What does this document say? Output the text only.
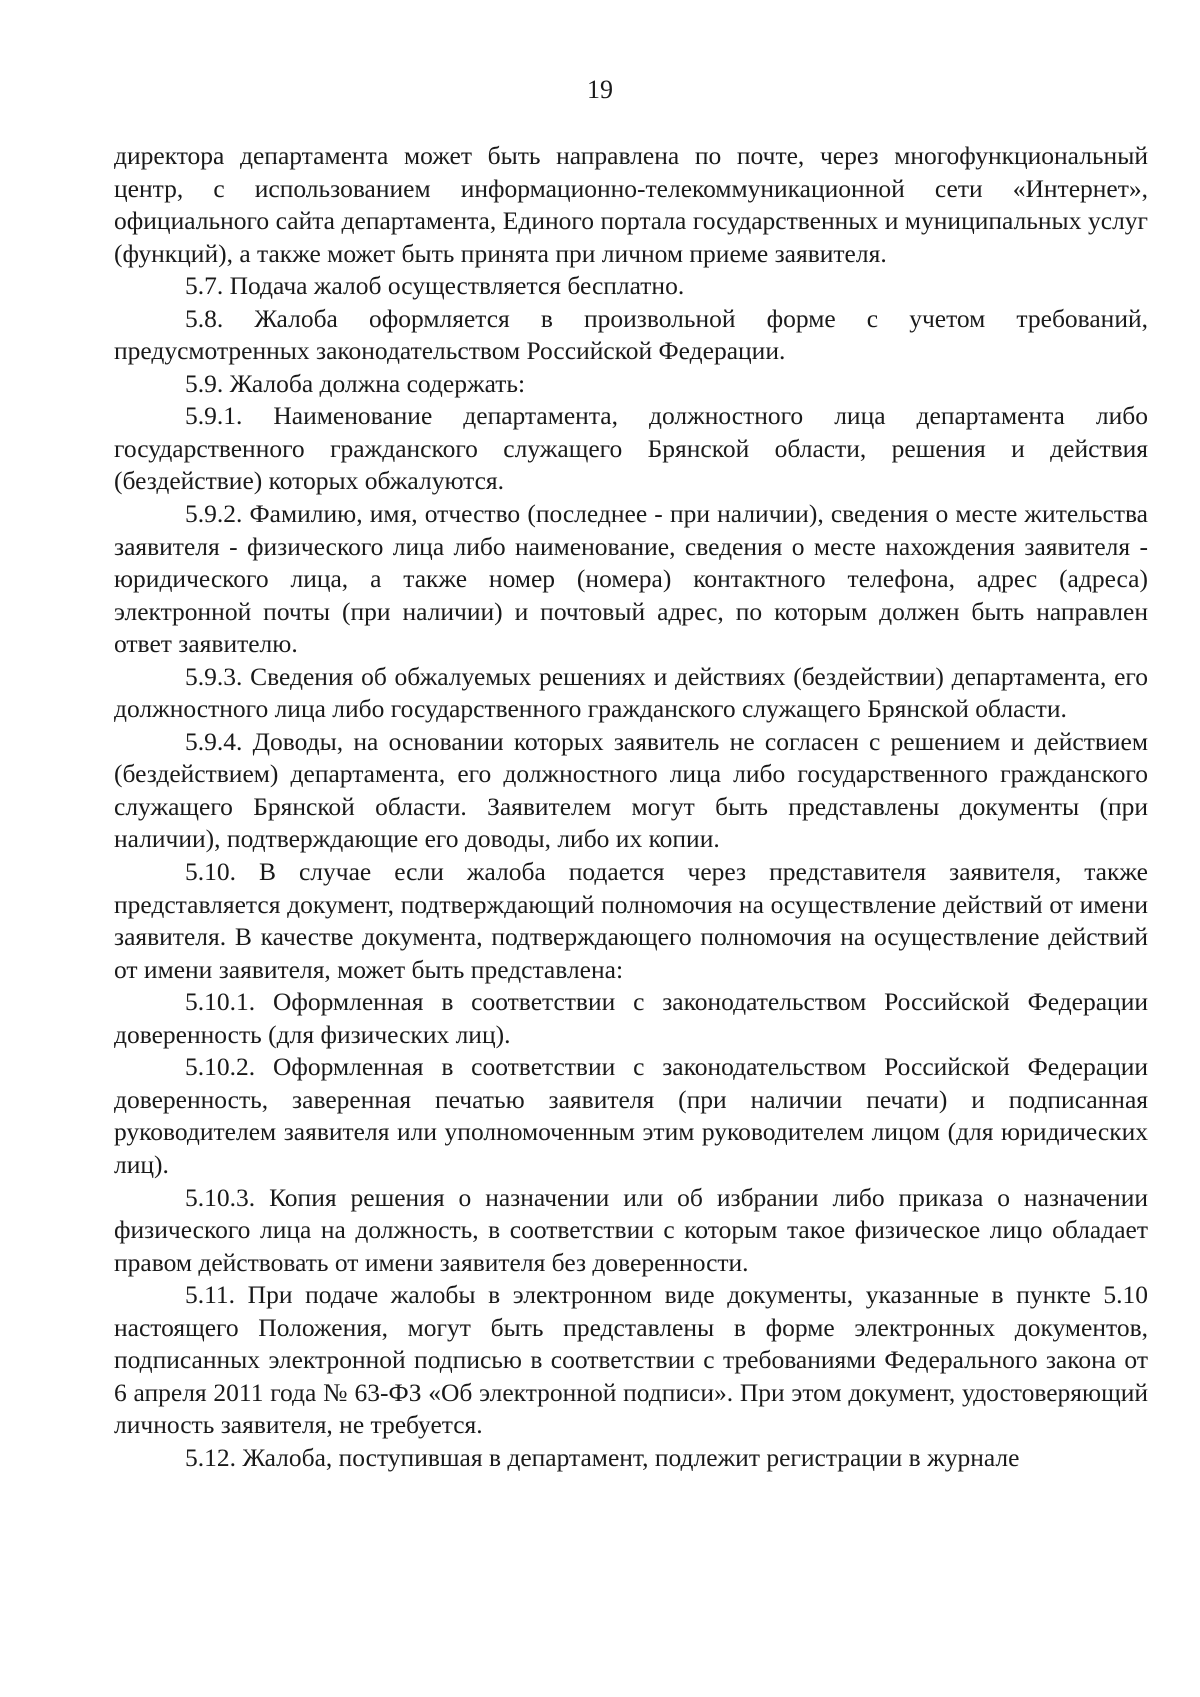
19

директора департамента может быть направлена по почте, через многофункциональный центр, с использованием информационно-телекоммуникационной сети «Интернет», официального сайта департамента, Единого портала государственных и муниципальных услуг (функций), а также может быть принята при личном приеме заявителя.

5.7. Подача жалоб осуществляется бесплатно.

5.8. Жалоба оформляется в произвольной форме с учетом требований, предусмотренных законодательством Российской Федерации.

5.9. Жалоба должна содержать:

5.9.1. Наименование департамента, должностного лица департамента либо государственного гражданского служащего Брянской области, решения и действия (бездействие) которых обжалуются.

5.9.2. Фамилию, имя, отчество (последнее - при наличии), сведения о месте жительства заявителя - физического лица либо наименование, сведения о месте нахождения заявителя - юридического лица, а также номер (номера) контактного телефона, адрес (адреса) электронной почты (при наличии) и почтовый адрес, по которым должен быть направлен ответ заявителю.

5.9.3. Сведения об обжалуемых решениях и действиях (бездействии) департамента, его должностного лица либо государственного гражданского служащего Брянской области.

5.9.4. Доводы, на основании которых заявитель не согласен с решением и действием (бездействием) департамента, его должностного лица либо государственного гражданского служащего Брянской области. Заявителем могут быть представлены документы (при наличии), подтверждающие его доводы, либо их копии.

5.10. В случае если жалоба подается через представителя заявителя, также представляется документ, подтверждающий полномочия на осуществление действий от имени заявителя. В качестве документа, подтверждающего полномочия на осуществление действий от имени заявителя, может быть представлена:

5.10.1. Оформленная в соответствии с законодательством Российской Федерации доверенность (для физических лиц).

5.10.2. Оформленная в соответствии с законодательством Российской Федерации доверенность, заверенная печатью заявителя (при наличии печати) и подписанная руководителем заявителя или уполномоченным этим руководителем лицом (для юридических лиц).

5.10.3. Копия решения о назначении или об избрании либо приказа о назначении физического лица на должность, в соответствии с которым такое физическое лицо обладает правом действовать от имени заявителя без доверенности.

5.11. При подаче жалобы в электронном виде документы, указанные в пункте 5.10 настоящего Положения, могут быть представлены в форме электронных документов, подписанных электронной подписью в соответствии с требованиями Федерального закона от 6 апреля 2011 года № 63-ФЗ «Об электронной подписи». При этом документ, удостоверяющий личность заявителя, не требуется.

5.12. Жалоба, поступившая в департамент, подлежит регистрации в журнале
